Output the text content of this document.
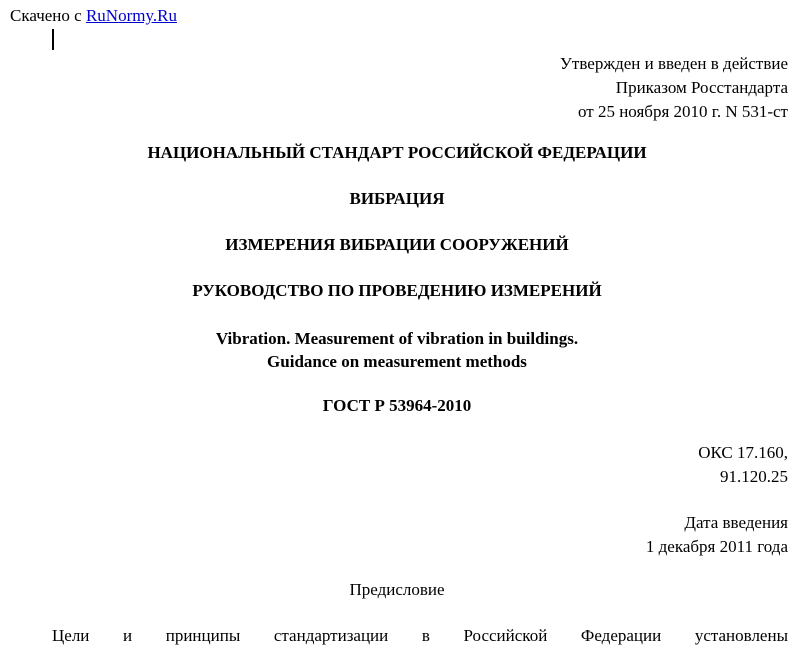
Скачено с RuNormy.Ru
Утвержден и введен в действие
Приказом Росстандарта
от 25 ноября 2010 г. N 531-ст
НАЦИОНАЛЬНЫЙ СТАНДАРТ РОССИЙСКОЙ ФЕДЕРАЦИИ
ВИБРАЦИЯ
ИЗМЕРЕНИЯ ВИБРАЦИИ СООРУЖЕНИЙ
РУКОВОДСТВО ПО ПРОВЕДЕНИЮ ИЗМЕРЕНИЙ
Vibration. Measurement of vibration in buildings.
Guidance on measurement methods
ГОСТ Р 53964-2010
ОКС 17.160,
91.120.25
Дата введения
1 декабря 2011 года
Предисловие
Цели и принципы стандартизации в Российской Федерации установлены
